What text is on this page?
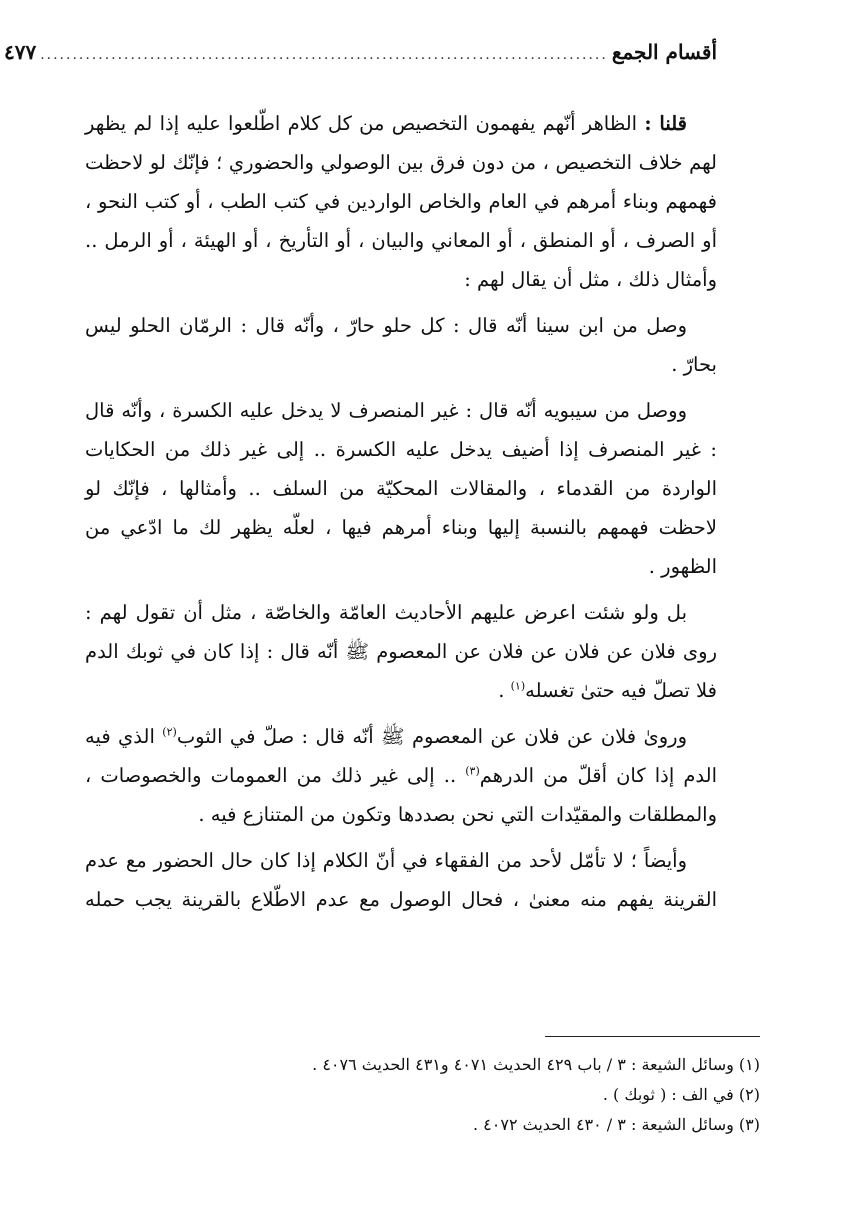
أقسام الجمع
........................................................................................
٤٧٧

قلنا : الظاهر أنّهم يفهمون التخصيص من كل كلام اطّلعوا عليه إذا لم يظهر لهم خلاف التخصيص ، من دون فرق بين الوصولي والحضوري ؛ فإنّك لو لاحظت فهمهم وبناء أمرهم في العام والخاص الواردين في كتب الطب ، أو كتب النحو ، أو الصرف ، أو المنطق ، أو المعاني والبيان ، أو التأريخ ، أو الهيئة ، أو الرمل .. وأمثال ذلك ، مثل أن يقال لهم :

وصل من ابن سينا أنّه قال : كل حلو حارّ ، وأنّه قال : الرمّان الحلو ليس بحارّ .

ووصل من سيبويه أنّه قال : غير المنصرف لا يدخل عليه الكسرة ، وأنّه قال : غير المنصرف إذا أضيف يدخل عليه الكسرة .. إلى غير ذلك من الحكايات الواردة من القدماء ، والمقالات المحكيّة من السلف .. وأمثالها ، فإنّك لو لاحظت فهمهم بالنسبة إليها وبناء أمرهم فيها ، لعلّه يظهر لك ما ادّعي من الظهور .

بل ولو شئت اعرض عليهم الأحاديث العامّة والخاصّة ، مثل أن تقول لهم : روى فلان عن فلان عن فلان عن المعصوم ﷺ أنّه قال : إذا كان في ثوبك الدم فلا تصلّ فيه حتىٰ تغسله$^{(١)}$ .

وروىٰ فلان عن فلان عن المعصوم ﷺ أنّه قال : صلّ في الثوب$^{(٢)}$ الذي فيه الدم إذا كان أقلّ من الدرهم$^{(٣)}$ .. إلى غير ذلك من العمومات والخصوصات ، والمطلقات والمقيّدات التي نحن بصددها وتكون من المتنازع فيه .

وأيضاً ؛ لا تأمّل لأحد من الفقهاء في أنّ الكلام إذا كان حال الحضور مع عدم القرينة يفهم منه معنىٰ ، فحال الوصول مع عدم الاطّلاع بالقرينة يجب حمله

(١) وسائل الشيعة : ٣ / باب ٤٢٩ الحديث ٤٠٧١ و٤٣١ الحديث ٤٠٧٦ .
(٢) في الف : ( ثوبك ) .
(٣) وسائل الشيعة : ٣ / ٤٣٠ الحديث ٤٠٧٢ .
